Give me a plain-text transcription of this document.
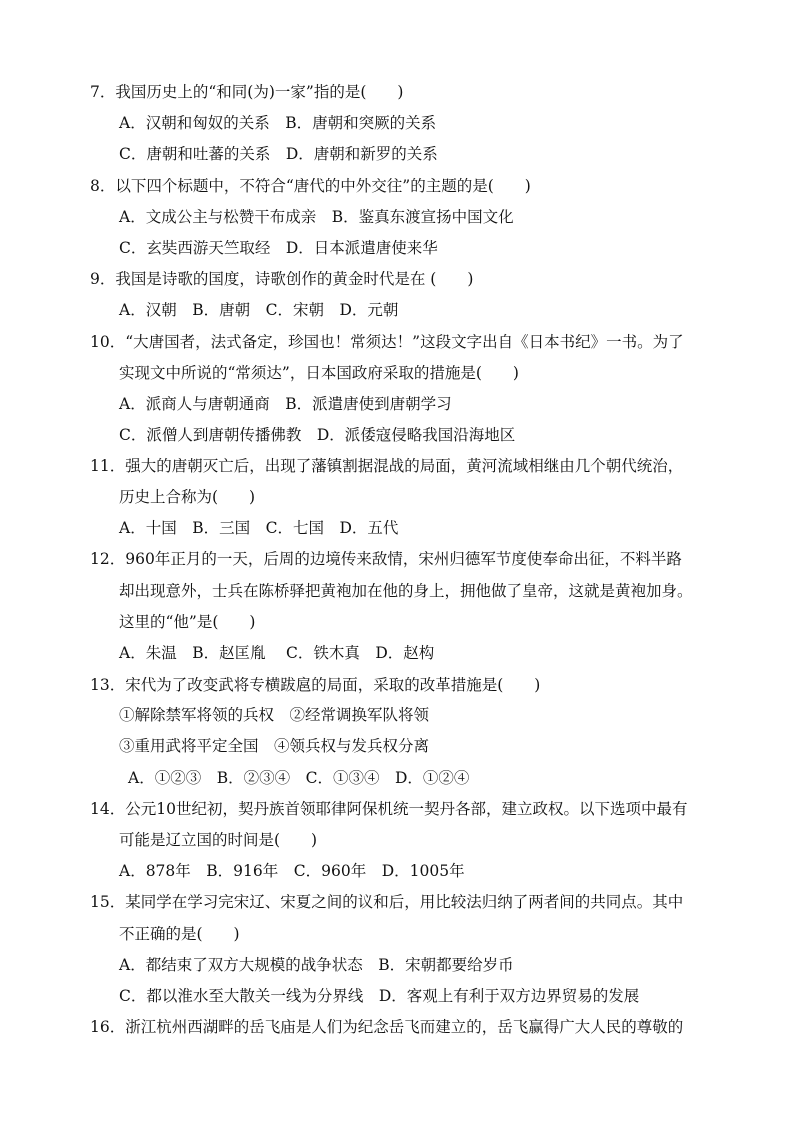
7．我国历史上的“和同(为)一家”指的是(　　)
A．汉朝和匈奴的关系　B．唐朝和突厥的关系
C．唐朝和吐蕃的关系　D．唐朝和新罗的关系
8．以下四个标题中，不符合“唐代的中外交往”的主题的是(　　)
A．文成公主与松赞干布成亲　B．鉴真东渡宣扬中国文化
C．玄奘西游天竺取经　D．日本派遣唐使来华
9．我国是诗歌的国度，诗歌创作的黄金时代是在 (　　)
A．汉朝　B．唐朝　C．宋朝　D．元朝
10．“大唐国者，法式备定，珍国也！常须达！”这段文字出自《日本书纪》一书。为了
实现文中所说的“常须达”，日本国政府采取的措施是(　　)
A．派商人与唐朝通商　B．派遣唐使到唐朝学习
C．派僧人到唐朝传播佛教　D．派倭寇侵略我国沿海地区
11．强大的唐朝灭亡后，出现了藩镇割据混战的局面，黄河流域相继由几个朝代统治，
历史上合称为(　　)
A．十国　B．三国　C．七国　D．五代
12．960年正月的一天，后周的边境传来敌情，宋州归德军节度使奉命出征，不料半路
却出现意外，士兵在陈桥驿把黄袍加在他的身上，拥他做了皇帝，这就是黄袍加身。
这里的“他”是(　　)
A．朱温　B．赵匡胤　 C．铁木真　D．赵构
13．宋代为了改变武将专横跋扈的局面，采取的改革措施是(　　)
①解除禁军将领的兵权　②经常调换军队将领
③重用武将平定全国　④领兵权与发兵权分离
A．①②③　B．②③④　C．①③④　D．①②④
14．公元10世纪初，契丹族首领耶律阿保机统一契丹各部，建立政权。以下选项中最有
可能是辽立国的时间是(　　)
A．878年　B．916年　C．960年　D．1005年
15．某同学在学习完宋辽、宋夏之间的议和后，用比较法归纳了两者间的共同点。其中
不正确的是(　　)
A．都结束了双方大规模的战争状态　B．宋朝都要给岁币
C．都以淮水至大散关一线为分界线　D．客观上有利于双方边界贸易的发展
16．浙江杭州西湖畔的岳飞庙是人们为纪念岳飞而建立的，岳飞赢得广大人民的尊敬的
